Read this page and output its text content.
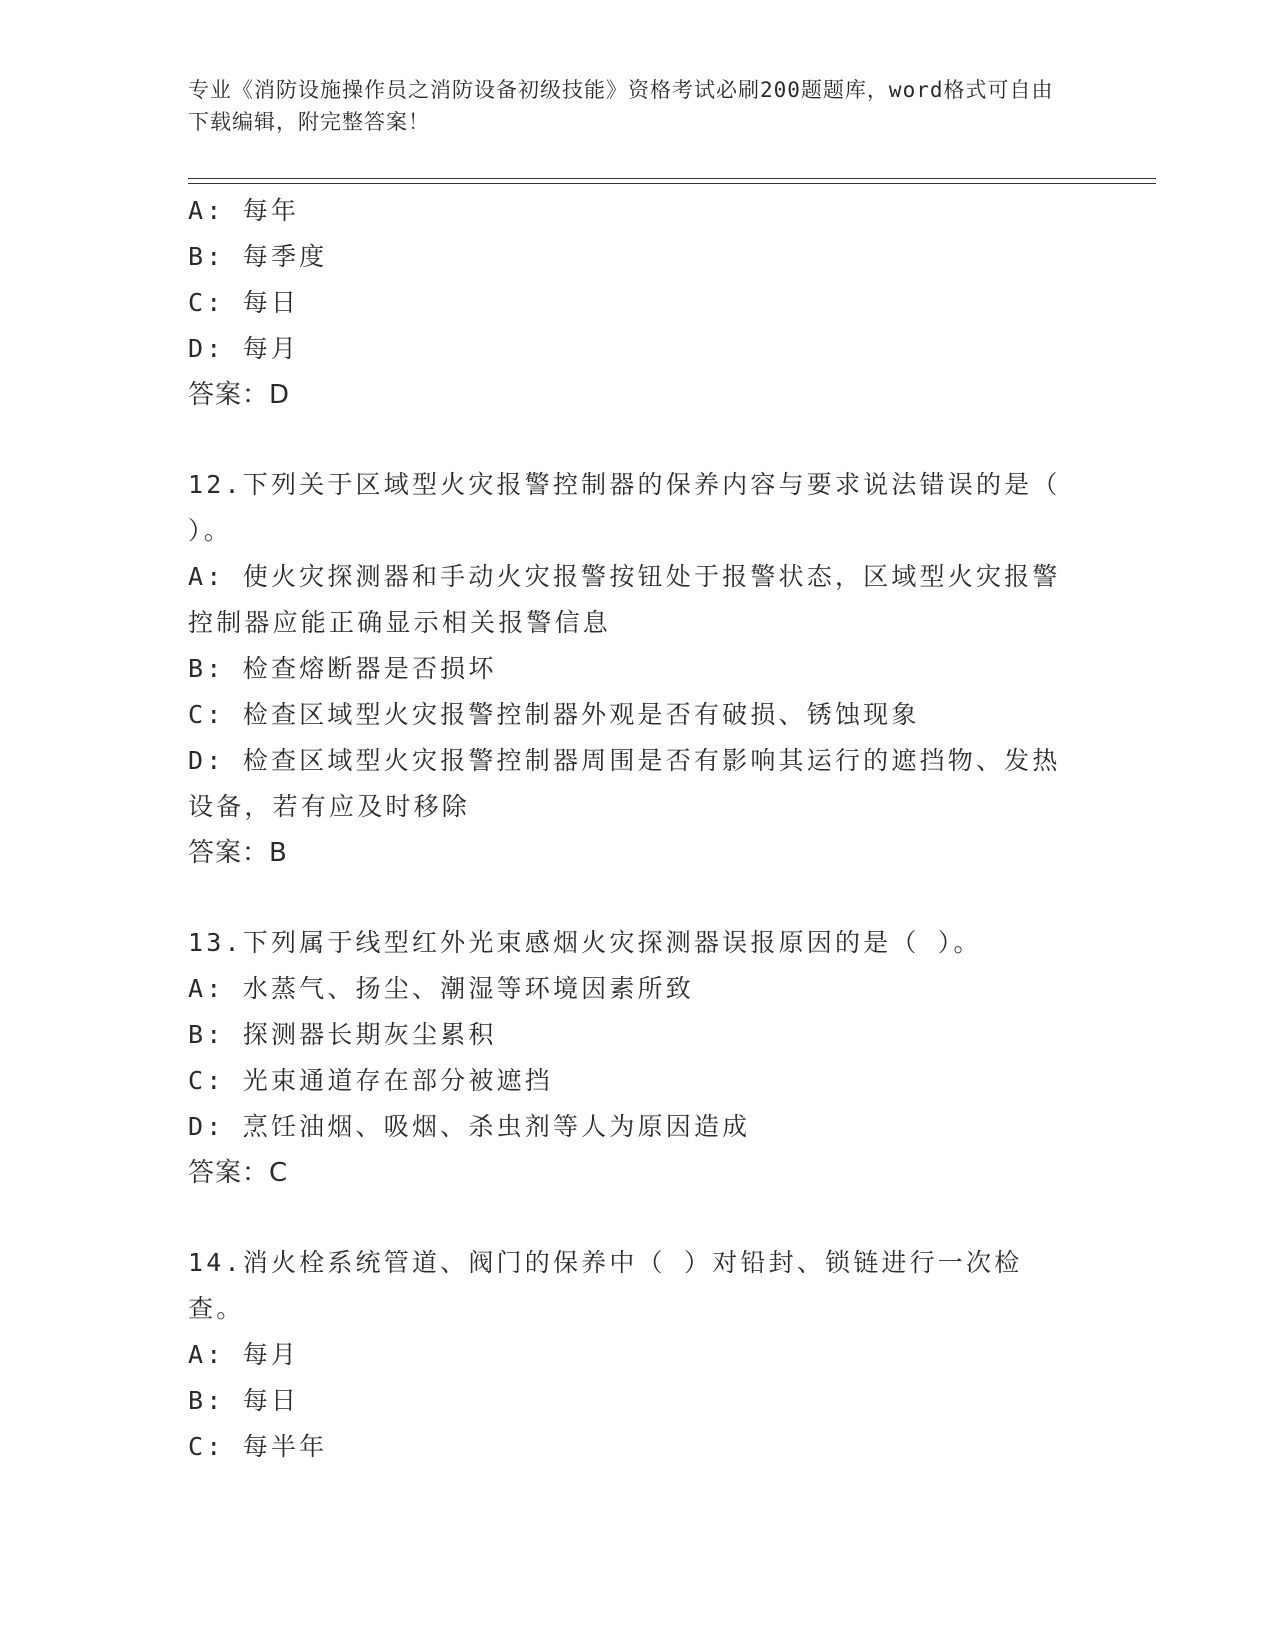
专业《消防设施操作员之消防设备初级技能》资格考试必刷200题题库，word格式可自由下载编辑，附完整答案！
A: 每年
B: 每季度
C: 每日
D: 每月
答案：D
12.下列关于区域型火灾报警控制器的保养内容与要求说法错误的是（ ）。
A: 使火灾探测器和手动火灾报警按钮处于报警状态，区域型火灾报警控制器应能正确显示相关报警信息
B: 检查熔断器是否损坏
C: 检查区域型火灾报警控制器外观是否有破损、锈蚀现象
D: 检查区域型火灾报警控制器周围是否有影响其运行的遮挡物、发热设备，若有应及时移除
答案：B
13.下列属于线型红外光束感烟火灾探测器误报原因的是（ ）。
A: 水蒸气、扬尘、潮湿等环境因素所致
B: 探测器长期灰尘累积
C: 光束通道存在部分被遮挡
D: 烹饪油烟、吸烟、杀虫剂等人为原因造成
答案：C
14.消火栓系统管道、阀门的保养中（ ）对铅封、锁链进行一次检查。
A: 每月
B: 每日
C: 每半年
